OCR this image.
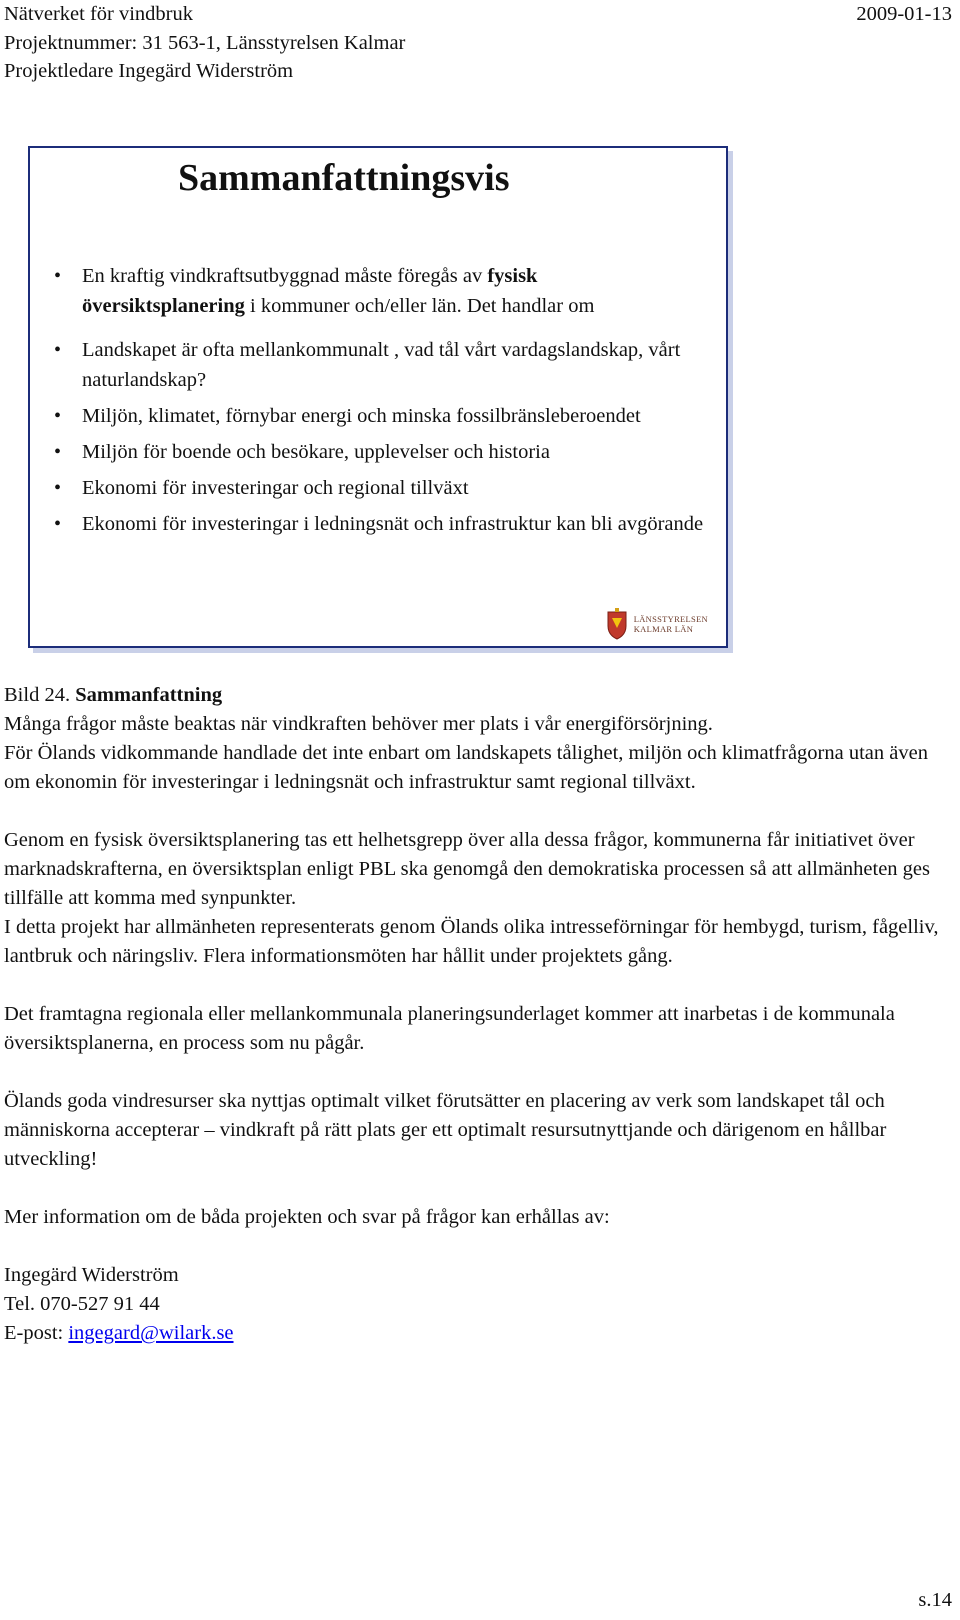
Nätverket för vindbruk	2009-01-13
Projektnummer: 31 563-1, Länsstyrelsen Kalmar
Projektledare Ingegärd Widerström
Sammanfattningsvis
• En kraftig vindkraftsutbyggnad måste föregås av fysisk översiktsplanering i kommuner och/eller län. Det handlar om
• Landskapet är ofta mellankommunalt , vad tål vårt vardagslandskap, vårt naturlandskap?
• Miljön, klimatet, förnybar energi och minska fossilbränsleberoendet
• Miljön för boende och besökare, upplevelser och historia
• Ekonomi för investeringar och regional tillväxt
• Ekonomi för investeringar i ledningsnät och infrastruktur kan bli avgörande
LÄNSSTYRELSEN
KALMAR LÄN

Bild 24. Sammanfattning

Många frågor måste beaktas när vindkraften behöver mer plats i vår energiförsörjning.

För Ölands vidkommande handlade det inte enbart om landskapets tålighet, miljön och klimatfrågorna utan även om ekonomin för investeringar i ledningsnät och infrastruktur samt regional tillväxt.

Genom en fysisk översiktsplanering tas ett helhetsgrepp över alla dessa frågor, kommunerna får initiativet över marknadskrafterna, en översiktsplan enligt PBL ska genomgå den demokratiska processen så att allmänheten ges tillfälle att komma med synpunkter.

I detta projekt har allmänheten representerats genom Ölands olika intresseförningar för hembygd, turism, fågelliv, lantbruk och näringsliv. Flera informationsmöten har hållit under projektets gång.

Det framtagna regionala eller mellankommunala planeringsunderlaget kommer att inarbetas i de kommunala översiktsplanerna, en process som nu pågår.

Ölands goda vindresurser ska nyttjas optimalt vilket förutsätter en placering av verk som landskapet tål och människorna accepterar – vindkraft på rätt plats ger ett optimalt resursutnyttjande och därigenom en hållbar utveckling!

Mer information om de båda projekten och svar på frågor kan erhållas av:

Ingegärd Widerström

Tel. 070-527 91 44

E-post: ingegard@wilark.se

s.14
